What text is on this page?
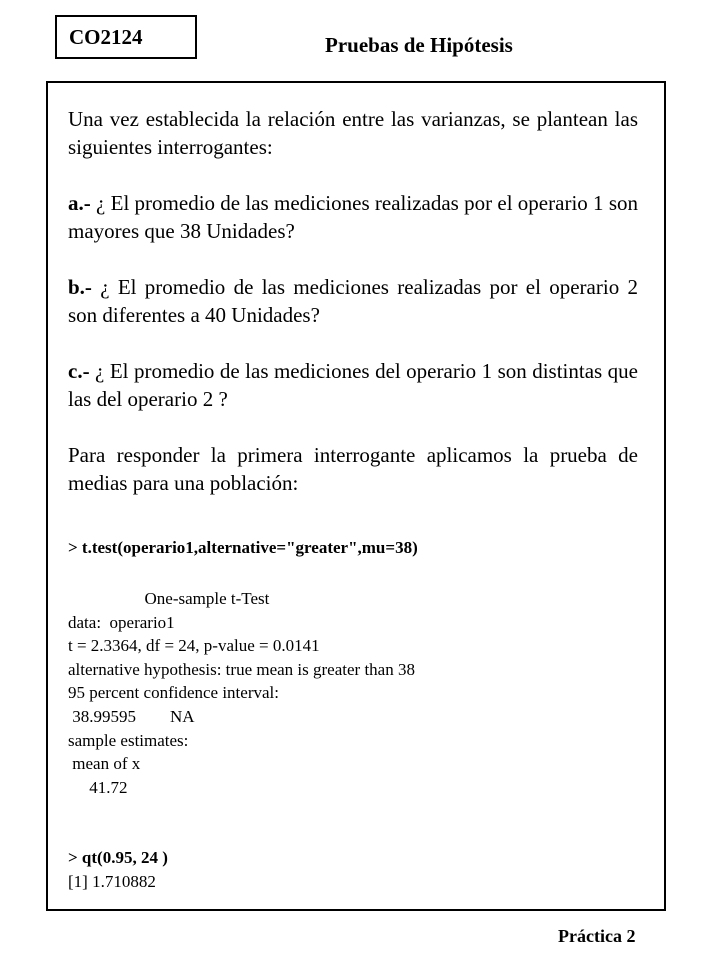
CO2124	Pruebas de Hipótesis
Una vez establecida la relación entre las varianzas, se plantean las siguientes interrogantes:
a.- ¿ El promedio de las mediciones realizadas por el operario 1 son mayores que 38 Unidades?
b.- ¿ El promedio de las mediciones realizadas por el operario 2 son diferentes a 40 Unidades?
c.- ¿ El promedio de las mediciones del operario 1 son distintas que las del operario 2 ?
Para responder la primera interrogante aplicamos la prueba de medias para una población:
> t.test(operario1,alternative="greater",mu=38)
One-sample t-Test
data:  operario1
t = 2.3364, df = 24, p-value = 0.0141
alternative hypothesis: true mean is greater than 38
95 percent confidence interval:
38.99595        NA
sample estimates:
mean of x
41.72
> qt(0.95, 24 )
[1] 1.710882
Práctica 2
